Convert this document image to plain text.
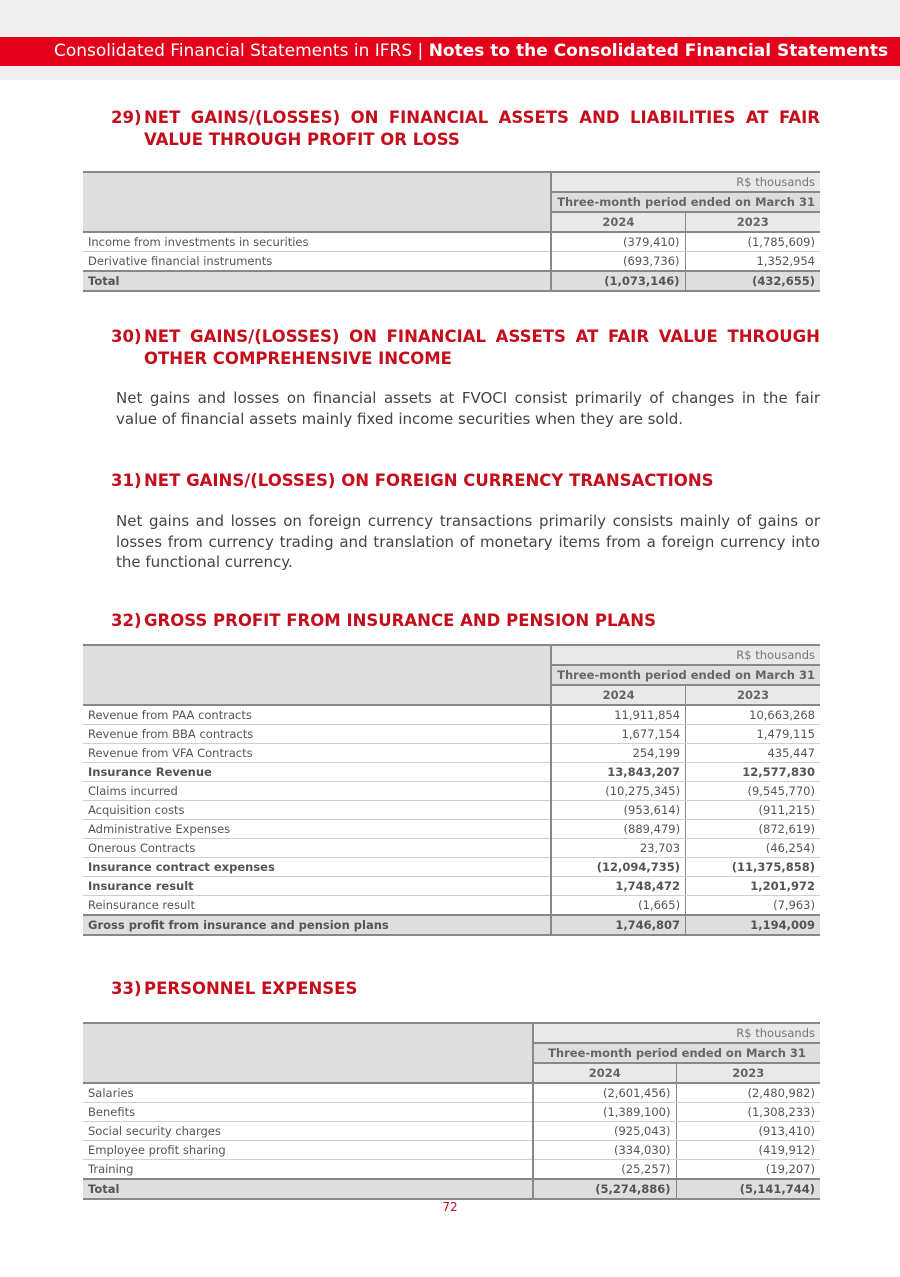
Consolidated Financial Statements in IFRS | Notes to the Consolidated Financial Statements
29) NET GAINS/(LOSSES) ON FINANCIAL ASSETS AND LIABILITIES AT FAIR VALUE THROUGH PROFIT OR LOSS
	R$ thousands	
	Three-month period ended on March 31	
	2024	2023
Income from investments in securities	(379,410)	(1,785,609)
Derivative financial instruments	(693,736)	1,352,954
Total	(1,073,146)	(432,655)
30) NET GAINS/(LOSSES) ON FINANCIAL ASSETS AT FAIR VALUE THROUGH OTHER COMPREHENSIVE INCOME
Net gains and losses on financial assets at FVOCI consist primarily of changes in the fair value of financial assets mainly fixed income securities when they are sold.
31) NET GAINS/(LOSSES) ON FOREIGN CURRENCY TRANSACTIONS
Net gains and losses on foreign currency transactions primarily consists mainly of gains or losses from currency trading and translation of monetary items from a foreign currency into the functional currency.
32) GROSS PROFIT FROM INSURANCE AND PENSION PLANS
	R$ thousands	
	Three-month period ended on March 31	
	2024	2023
Revenue from PAA contracts	11,911,854	10,663,268
Revenue from BBA contracts	1,677,154	1,479,115
Revenue from VFA Contracts	254,199	435,447
Insurance Revenue	13,843,207	12,577,830
Claims incurred	(10,275,345)	(9,545,770)
Acquisition costs	(953,614)	(911,215)
Administrative Expenses	(889,479)	(872,619)
Onerous Contracts	23,703	(46,254)
Insurance contract expenses	(12,094,735)	(11,375,858)
Insurance result	1,748,472	1,201,972
Reinsurance result	(1,665)	(7,963)
Gross profit from insurance and pension plans	1,746,807	1,194,009
33) PERSONNEL EXPENSES
	R$ thousands	
	Three-month period ended on March 31	
	2024	2023
Salaries	(2,601,456)	(2,480,982)
Benefits	(1,389,100)	(1,308,233)
Social security charges	(925,043)	(913,410)
Employee profit sharing	(334,030)	(419,912)
Training	(25,257)	(19,207)
Total	(5,274,886)	(5,141,744)
72
